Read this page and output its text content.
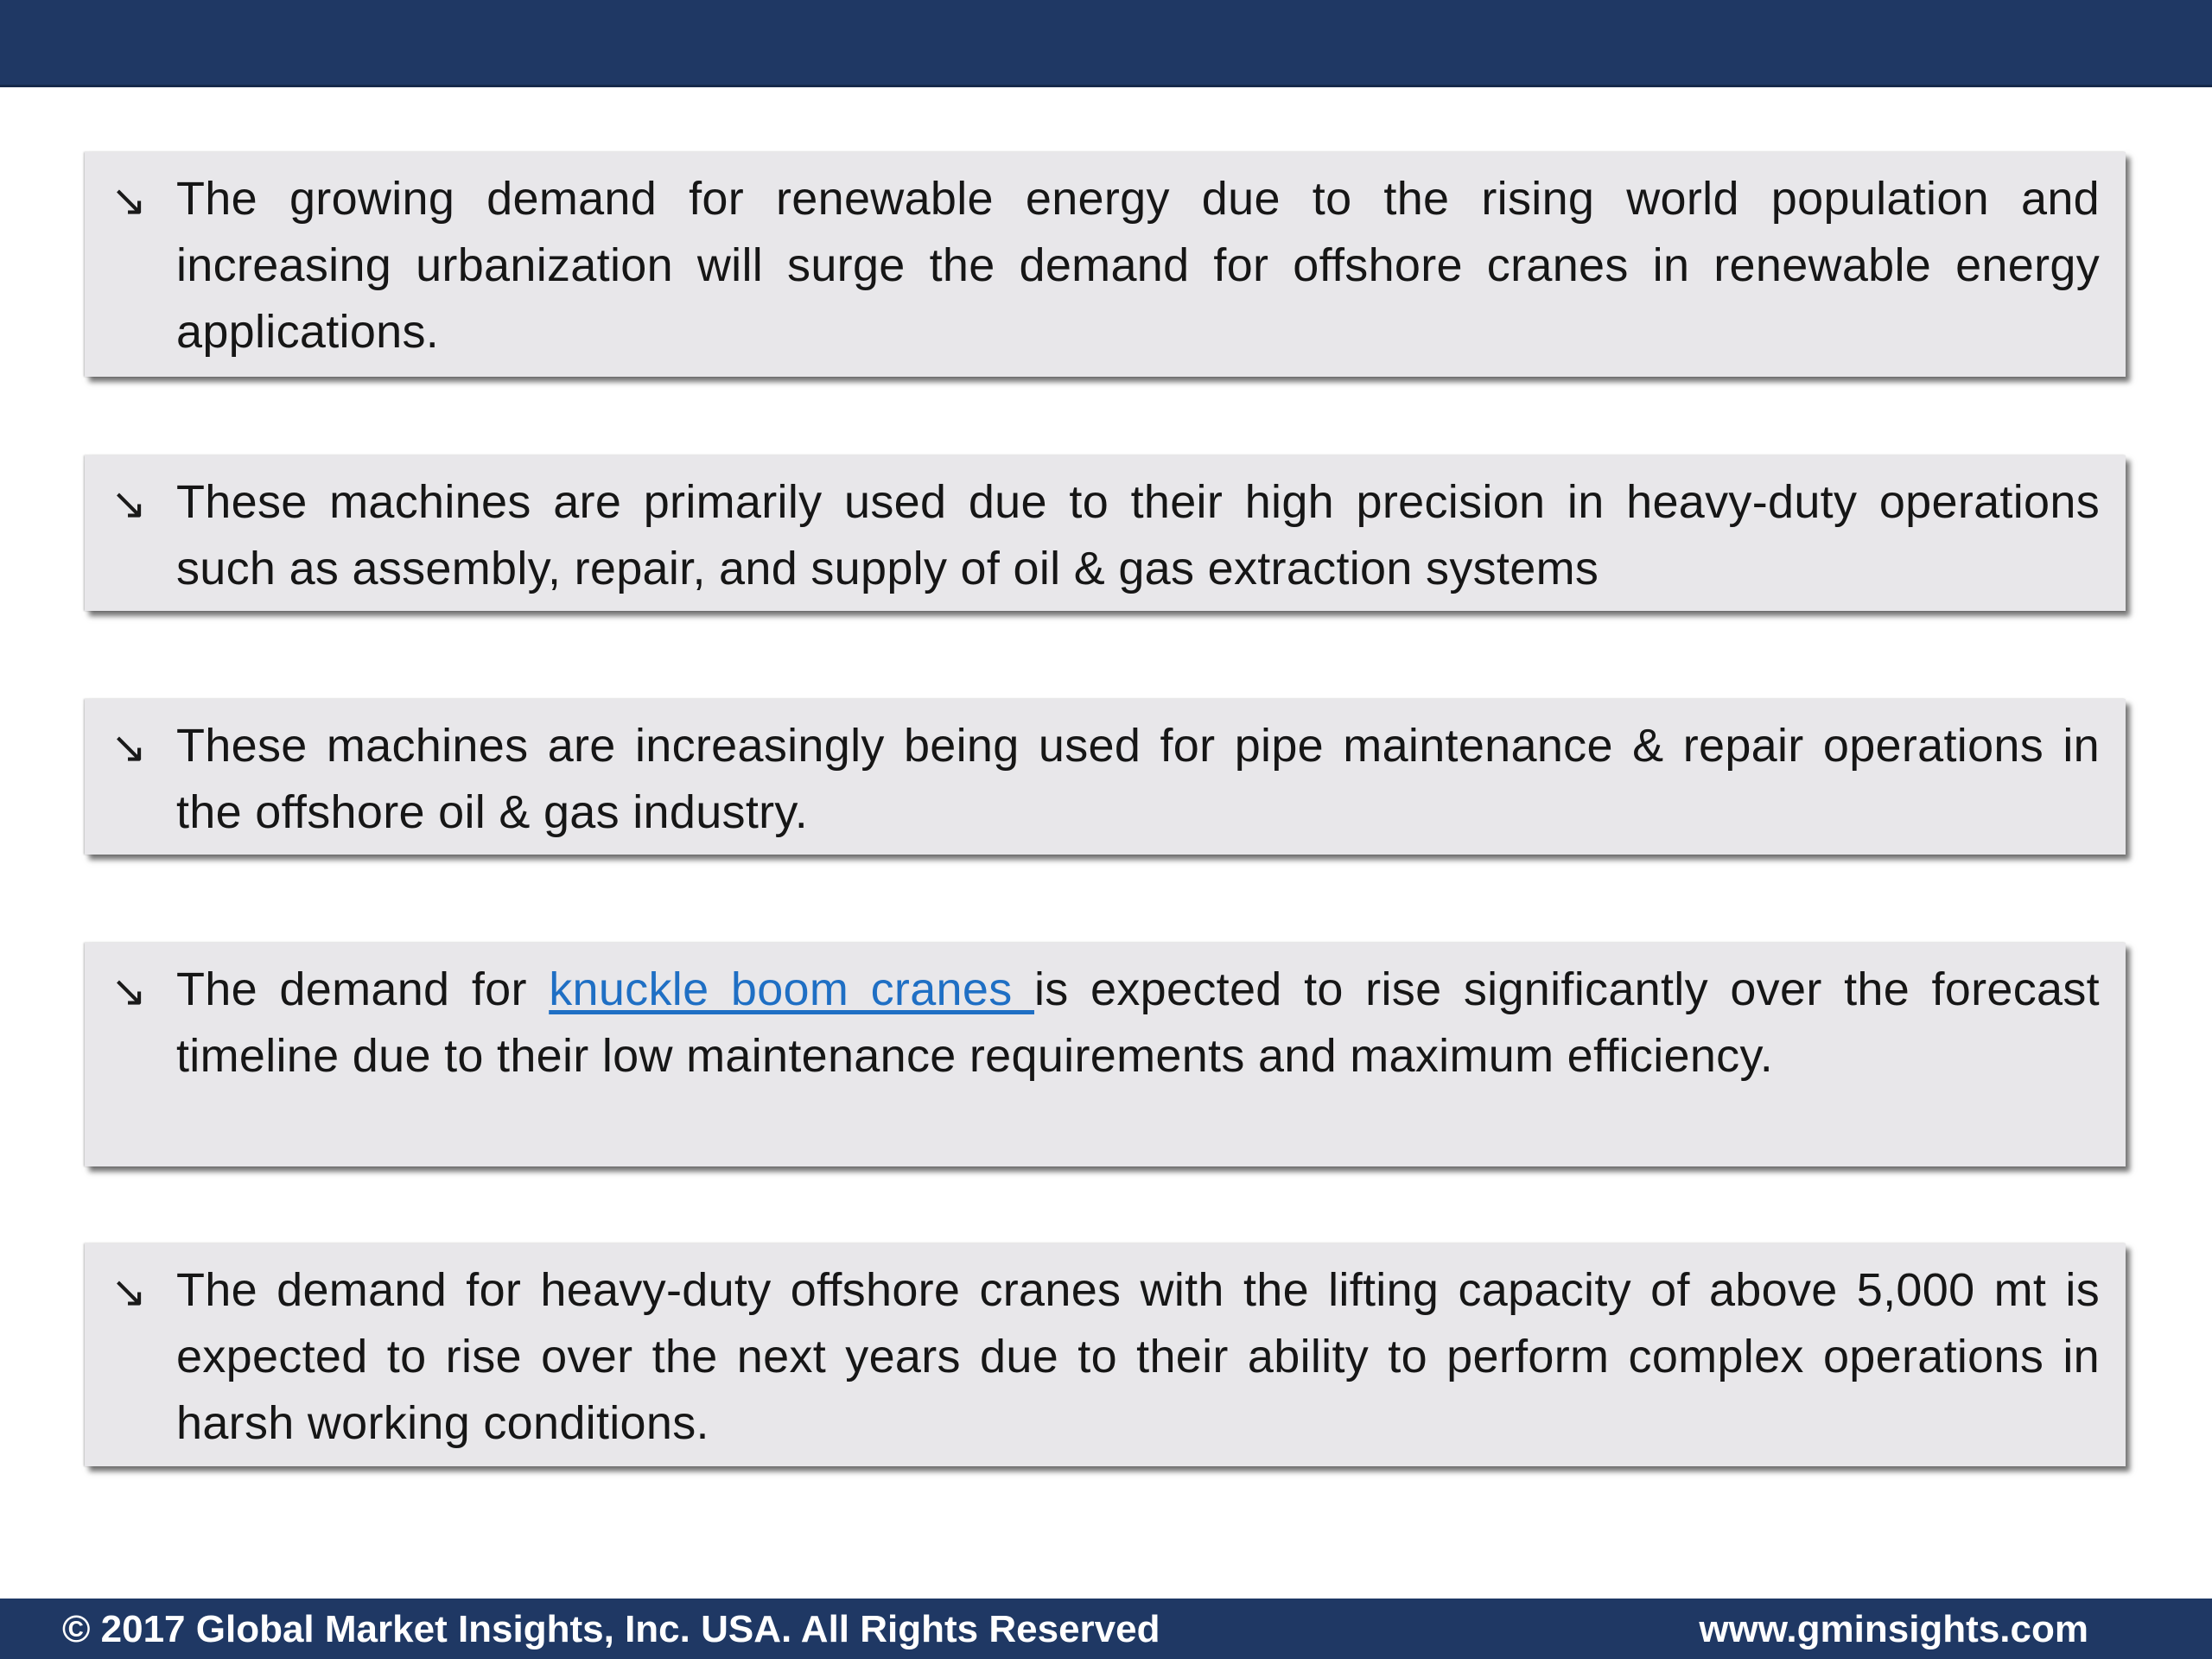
↘ The growing demand for renewable energy due to the rising world population and increasing urbanization will surge the demand for offshore cranes in renewable energy applications.
↘ These machines are primarily used due to their high precision in heavy-duty operations such as assembly, repair, and supply of oil & gas extraction systems
↘ These machines are increasingly being used for pipe maintenance & repair operations in the offshore oil & gas industry.
↘ The demand for knuckle boom cranes is expected to rise significantly over the forecast timeline due to their low maintenance requirements and maximum efficiency.
↘ The demand for heavy-duty offshore cranes with the lifting capacity of above 5,000 mt is expected to rise over the next years due to their ability to perform complex operations in harsh working conditions.
© 2017 Global Market Insights, Inc. USA. All Rights Reserved	www.gminsights.com
